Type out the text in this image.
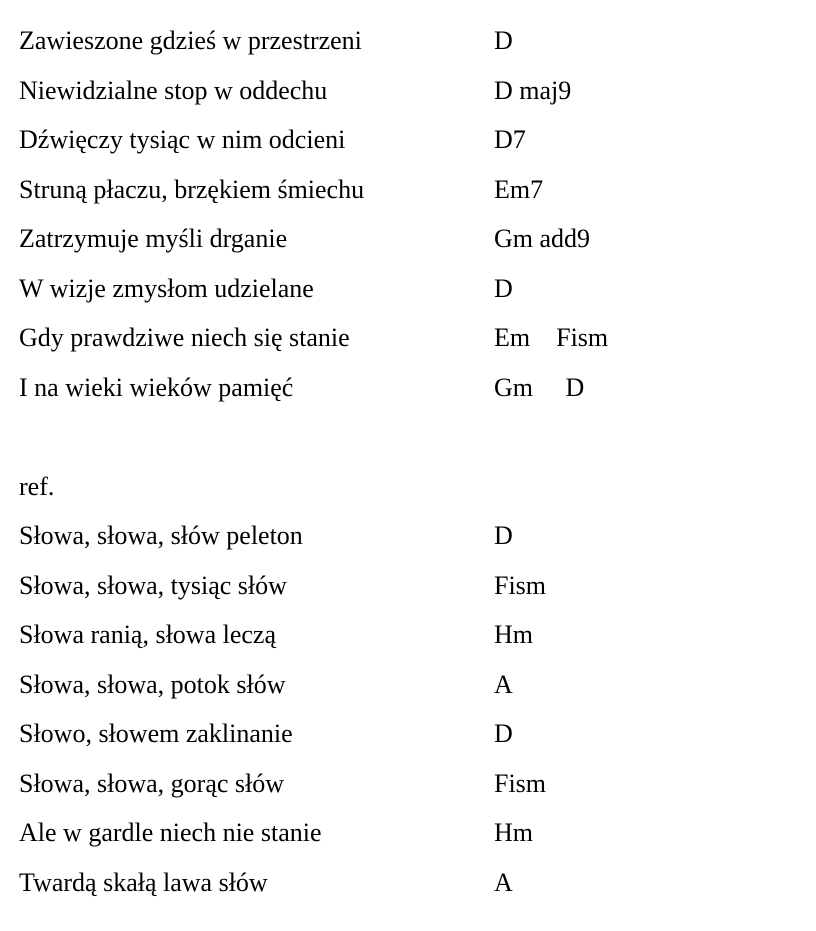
Zawieszone gdzieś w przestrzeni	D
Niewidzialne stop w oddechu	D maj9
Dźwięczy tysiąc w nim odcieni	D7
Struną płaczu, brzękiem śmiechu	Em7
Zatrzymuje myśli drganie	Gm add9
W wizje zmysłom udzielane	D
Gdy prawdziwe niech się stanie	Em    Fism
I na wieki wieków pamięć	Gm     D
ref.
Słowa, słowa, słów peleton	D
Słowa, słowa, tysiąc słów	Fism
Słowa ranią, słowa leczą	Hm
Słowa, słowa, potok słów	A
Słowo, słowem zaklinanie	D
Słowa, słowa, gorąc słów	Fism
Ale w gardle niech nie stanie	Hm
Twardą skałą lawa słów	A
